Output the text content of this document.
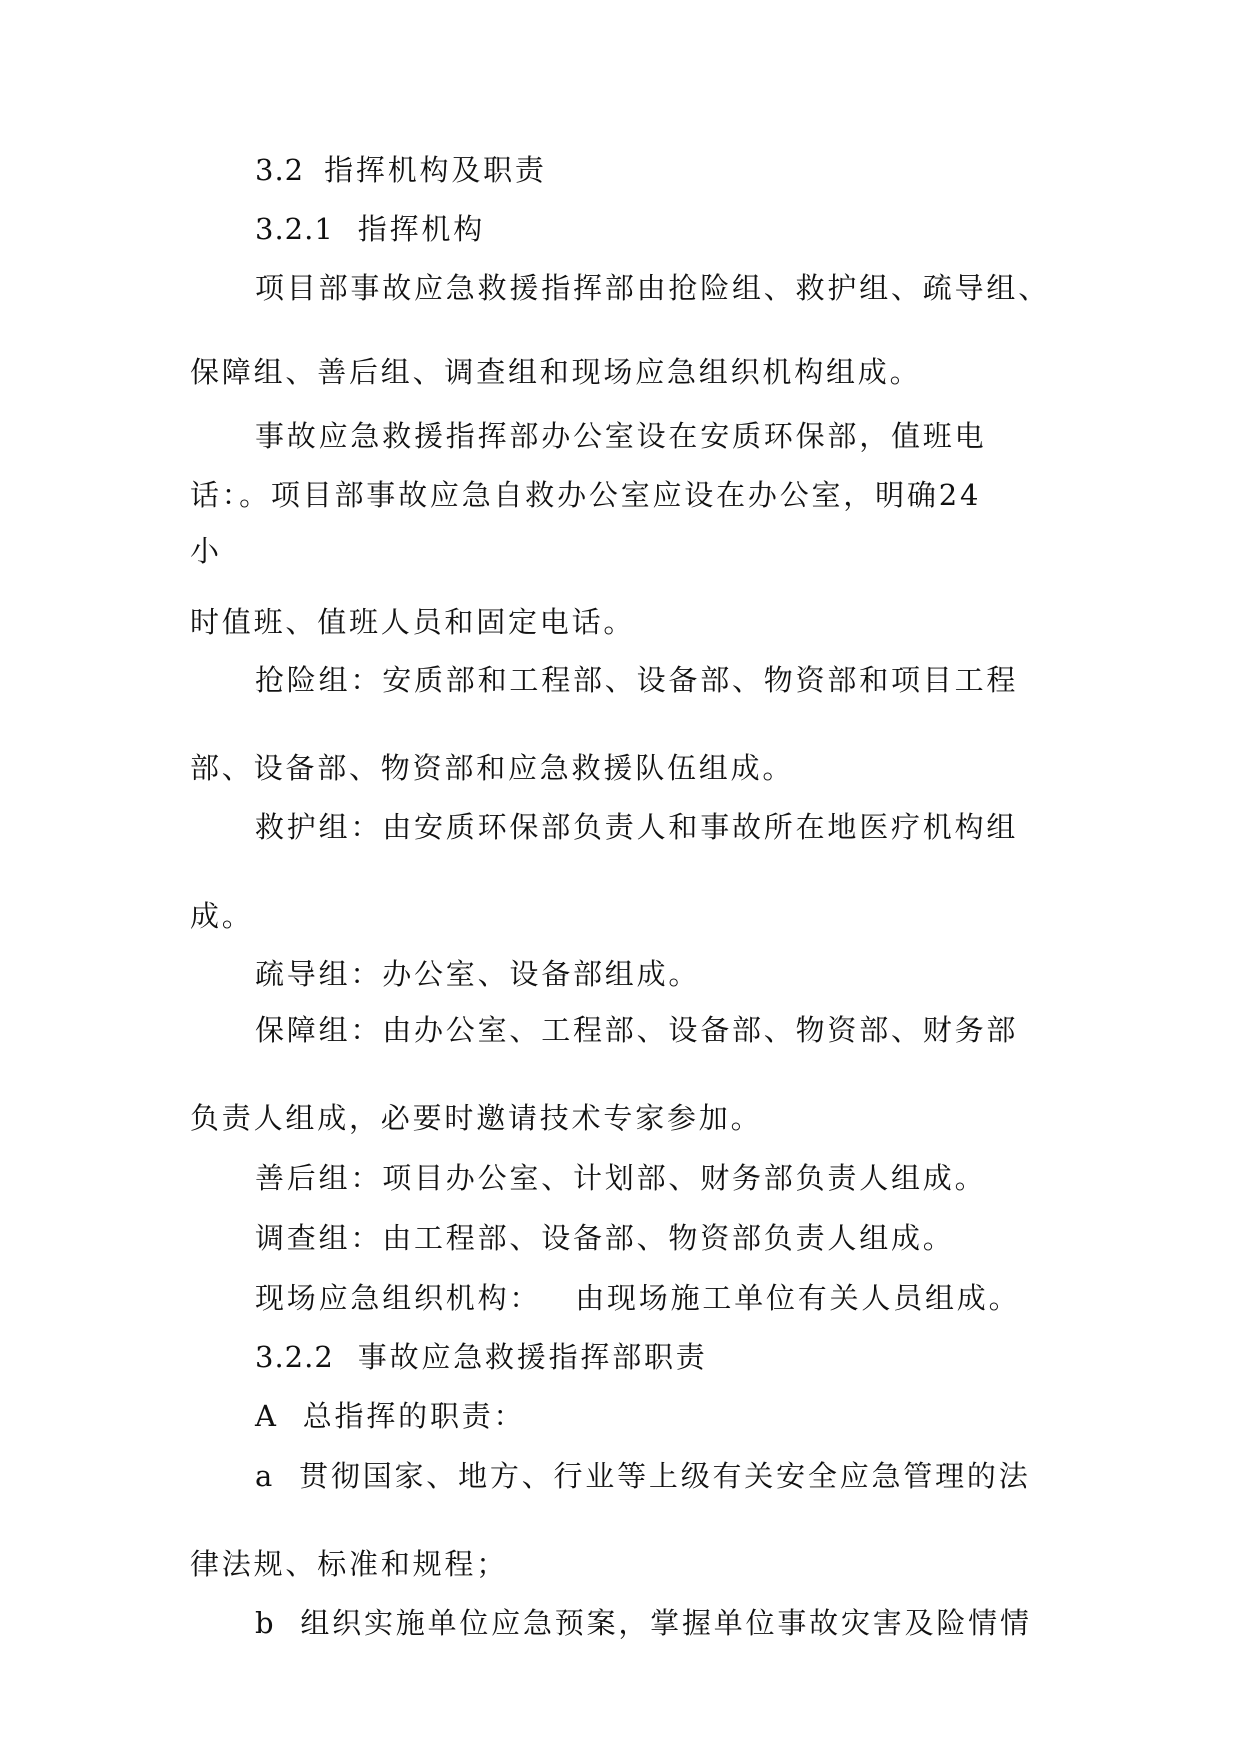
3.2 指挥机构及职责
3.2.1 指挥机构
项目部事故应急救援指挥部由抢险组、救护组、疏导组、
保障组、善后组、调查组和现场应急组织机构组成。
事故应急救援指挥部办公室设在安质环保部，值班电
话：。项目部事故应急自救办公室应设在办公室，明确24
小
时值班、值班人员和固定电话。
抢险组：安质部和工程部、设备部、物资部和项目工程
部、设备部、物资部和应急救援队伍组成。
救护组：由安质环保部负责人和事故所在地医疗机构组
成。
疏导组：办公室、设备部组成。
保障组：由办公室、工程部、设备部、物资部、财务部
负责人组成，必要时邀请技术专家参加。
善后组：项目办公室、计划部、财务部负责人组成。
调查组：由工程部、设备部、物资部负责人组成。
现场应急组织机构： 由现场施工单位有关人员组成。
3.2.2 事故应急救援指挥部职责
A 总指挥的职责：
a 贯彻国家、地方、行业等上级有关安全应急管理的法
律法规、标准和规程；
b 组织实施单位应急预案，掌握单位事故灾害及险情情
